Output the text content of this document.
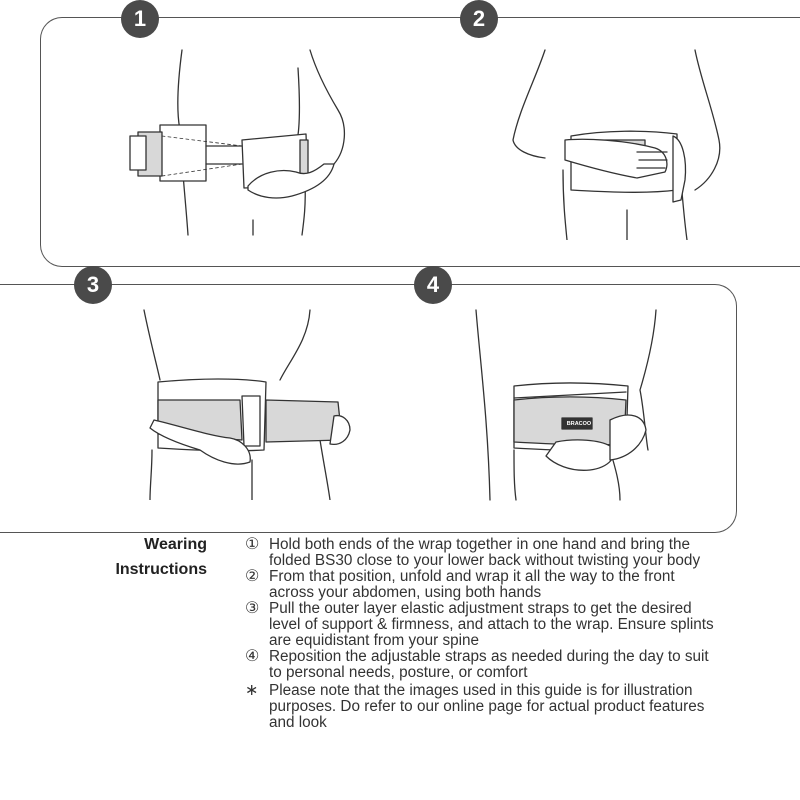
1	2
3	4
BRACOO
Wearing
Instructions
① Hold both ends of the wrap together in one hand and bring the folded BS30 close to your lower back without twisting your body
② From that position, unfold and wrap it all the way to the front across your abdomen, using both hands
③ Pull the outer layer elastic adjustment straps to get the desired level of support & firmness, and attach to the wrap. Ensure splints are equidistant from your spine
④ Reposition the adjustable straps as needed during the day to suit to personal needs, posture, or comfort
∗ Please note that the images used in this guide is for illustration purposes. Do refer to our online page for actual product features and look
